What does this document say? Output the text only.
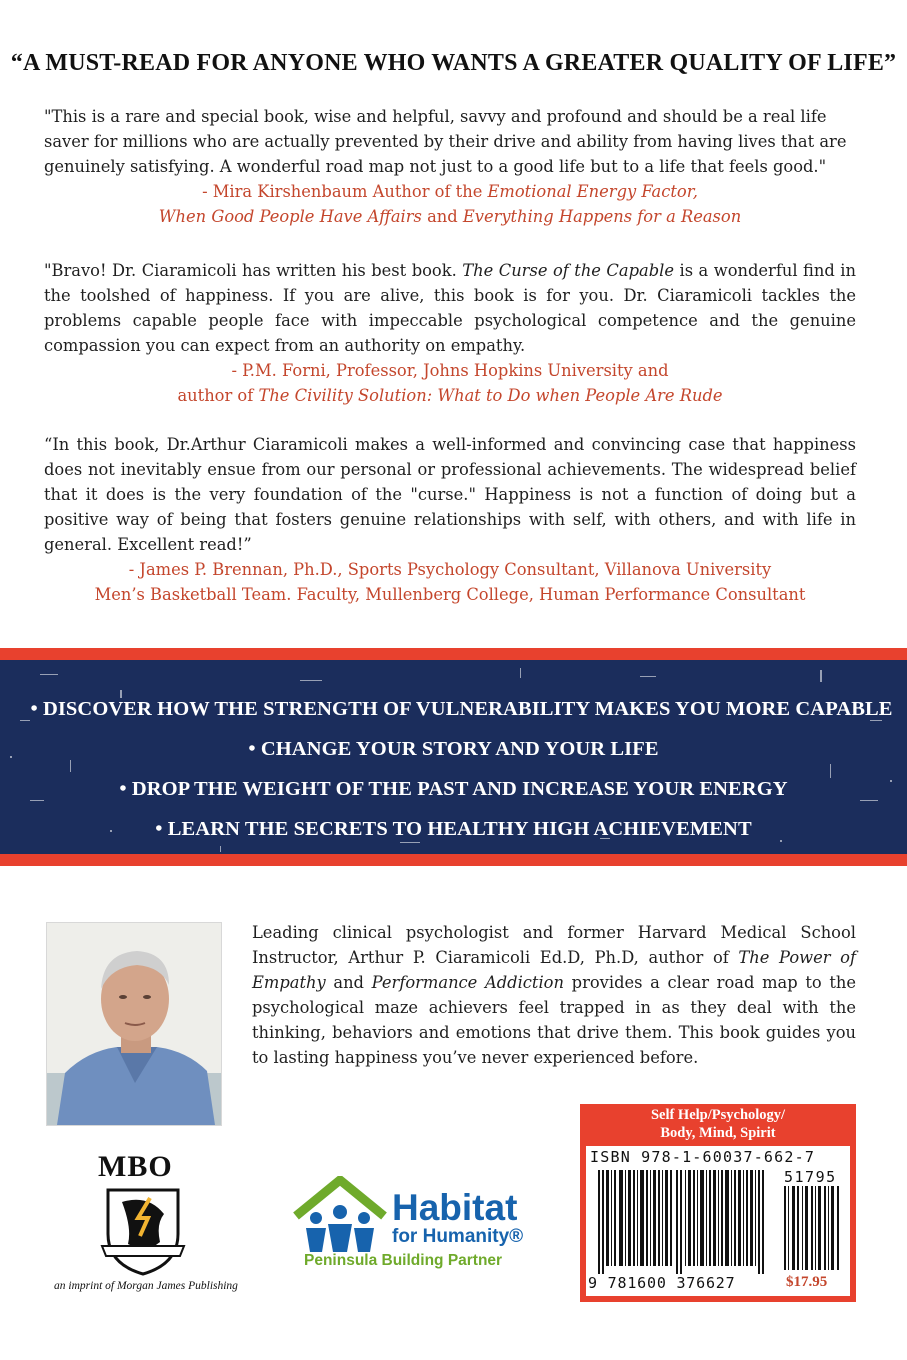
“A MUST-READ FOR ANYONE WHO WANTS A GREATER QUALITY OF LIFE”

"This is a rare and special book, wise and helpful, savvy and profound and should be a real life saver for millions who are actually prevented by their drive and ability from having lives that are genuinely satisfying. A wonderful road map not just to a good life but to a life that feels good."

- Mira Kirshenbaum Author of the Emotional Energy Factor,
When Good People Have Affairs and Everything Happens for a Reason

"Bravo! Dr. Ciaramicoli has written his best book. The Curse of the Capable is a wonderful find in the toolshed of happiness. If you are alive, this book is for you. Dr. Ciaramicoli tackles the problems capable people face with impeccable psychological competence and the genuine compassion you can expect from an authority on empathy.

- P.M. Forni, Professor, Johns Hopkins University and
author of The Civility Solution: What to Do when People Are Rude

“In this book, Dr.Arthur Ciaramicoli makes a well-informed and convincing case that happiness does not inevitably ensue from our personal or professional achievements. The widespread belief that it does is the very foundation of the "curse." Happiness is not a function of doing but a positive way of being that fosters genuine relationships with self, with others, and with life in general. Excellent read!”

- James P. Brennan, Ph.D., Sports Psychology Consultant, Villanova University
Men’s Basketball Team. Faculty, Mullenberg College, Human Performance Consultant
• DISCOVER HOW THE STRENGTH OF VULNERABILITY MAKES YOU MORE CAPABLE
• CHANGE YOUR STORY AND YOUR LIFE
• DROP THE WEIGHT OF THE PAST AND INCREASE YOUR ENERGY
• LEARN THE SECRETS TO HEALTHY HIGH ACHIEVEMENT

Leading clinical psychologist and former Harvard Medical School Instructor, Arthur P. Ciaramicoli Ed.D, Ph.D, author of The Power of Empathy and Performance Addiction provides a clear road map to the psychological maze achievers feel trapped in as they deal with the thinking, behaviors and emotions that drive them. This book guides you to lasting happiness you’ve never experienced before.

MBO
an imprint of Morgan James Publishing
Habitat
for Humanity®
Peninsula Building Partner
Self Help/Psychology/
Body, Mind, Spirit
ISBN 978-1-60037-662-7
51795
9 781600 376627	$17.95
